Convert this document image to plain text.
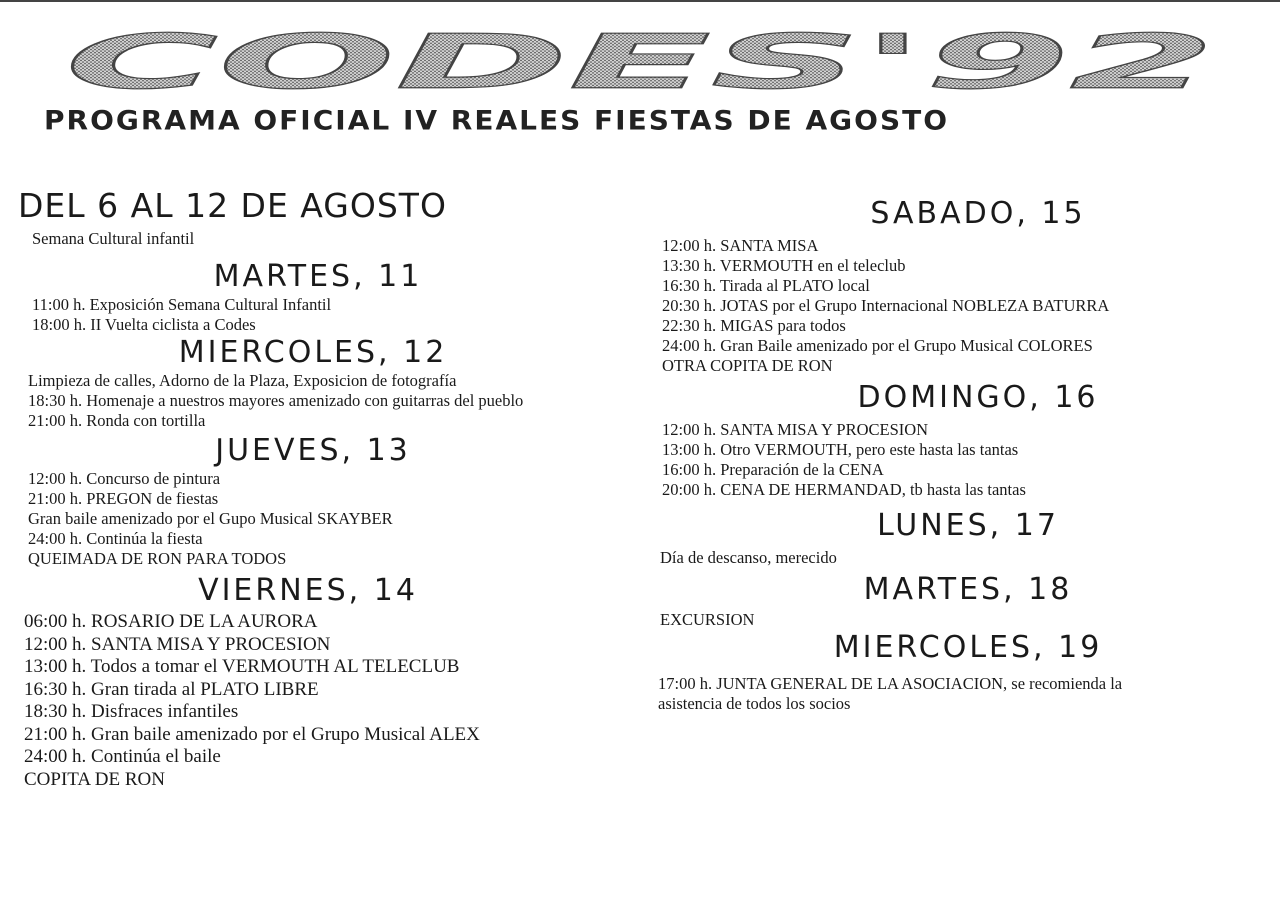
CODES'92
PROGRAMA OFICIAL IV REALES FIESTAS DE AGOSTO
DEL 6 AL 12 DE AGOSTO
Semana Cultural infantil
MARTES, 11
11:00 h. Exposición Semana Cultural Infantil
18:00 h. II Vuelta ciclista a Codes
MIERCOLES, 12
Limpieza de calles, Adorno de la Plaza, Exposicion de fotografía
18:30 h. Homenaje a nuestros mayores amenizado con guitarras del pueblo
21:00 h. Ronda con tortilla
JUEVES, 13
12:00 h. Concurso de pintura
21:00 h. PREGON de fiestas
Gran baile amenizado por el Gupo Musical SKAYBER
24:00 h. Continúa la fiesta
QUEIMADA DE RON PARA TODOS
VIERNES, 14
06:00 h. ROSARIO DE LA AURORA
12:00 h. SANTA MISA Y PROCESION
13:00 h. Todos a tomar el VERMOUTH AL TELECLUB
16:30 h. Gran tirada al PLATO LIBRE
18:30 h. Disfraces infantiles
21:00 h. Gran baile amenizado por el Grupo Musical ALEX
24:00 h. Continúa el baile
COPITA DE RON
SABADO, 15
12:00 h. SANTA MISA
13:30 h. VERMOUTH en el teleclub
16:30 h. Tirada al PLATO local
20:30 h. JOTAS por el Grupo Internacional NOBLEZA BATURRA
22:30 h. MIGAS para todos
24:00 h. Gran Baile amenizado por el Grupo Musical COLORES
OTRA COPITA DE RON
DOMINGO, 16
12:00 h. SANTA MISA Y PROCESION
13:00 h. Otro VERMOUTH, pero este hasta las tantas
16:00 h. Preparación de la CENA
20:00 h. CENA DE HERMANDAD, tb hasta las tantas
LUNES, 17
Día de descanso, merecido
MARTES, 18
EXCURSION
MIERCOLES, 19
17:00 h. JUNTA GENERAL DE LA ASOCIACION, se recomienda la
asistencia de todos los socios
